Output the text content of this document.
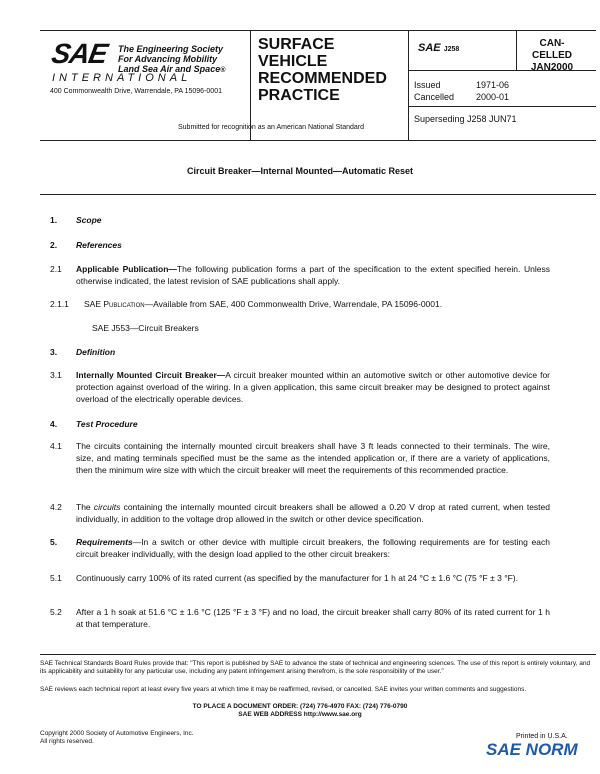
SAE The Engineering Society
For Advancing Mobility
Land Sea Air and Space®
INTERNATIONAL
400 Commonwealth Drive, Warrendale, PA 15096-0001
SURFACE
VEHICLE
RECOMMENDED
PRACTICE
SAE J258
CAN-
CELLED
JAN2000
Issued	1971-06
Cancelled 2000-01
Superseding J258 JUN71
Submitted for recognition as an American National Standard
Circuit Breaker—Internal Mounted—Automatic Reset
1. Scope
2. References
2.1 Applicable Publication—The following publication forms a part of the specification to the extent specified herein. Unless otherwise indicated, the latest revision of SAE publications shall apply.
2.1.1 SAE Publication—Available from SAE, 400 Commonwealth Drive, Warrendale, PA 15096-0001.
SAE J553—Circuit Breakers
3. Definition
3.1 Internally Mounted Circuit Breaker—A circuit breaker mounted within an automotive switch or other automotive device for protection against overload of the wiring. In a given application, this same circuit breaker may be designed to protect against overload of the electrically operable devices.
4. Test Procedure
4.1 The circuits containing the internally mounted circuit breakers shall have 3 ft leads connected to their terminals. The wire, size, and mating terminals specified must be the same as the intended application or, if there are a variety of applications, then the minimum wire size with which the circuit breaker will meet the requirements of this recommended practice.
4.2 The circuits containing the internally mounted circuit breakers shall be allowed a 0.20 V drop at rated current, when tested individually, in addition to the voltage drop allowed in the switch or other device specification.
5. Requirements—In a switch or other device with multiple circuit breakers, the following requirements are for testing each circuit breaker individually, with the design load applied to the other circuit breakers:
5.1 Continuously carry 100% of its rated current (as specified by the manufacturer for 1 h at 24 °C ± 1.6 °C (75 °F ± 3 °F).
5.2 After a 1 h soak at 51.6 °C ± 1.6 °C (125 °F ± 3 °F) and no load, the circuit breaker shall carry 80% of its rated current for 1 h at that temperature.
SAE Technical Standards Board Rules provide that: "This report is published by SAE to advance the state of technical and engineering sciences. The use of this report is entirely voluntary, and its applicability and suitability for any particular use, including any patent infringement arising therefrom, is the sole responsibility of the user."
SAE reviews each technical report at least every five years at which time it may be reaffirmed, revised, or cancelled. SAE invites your written comments and suggestions.
TO PLACE A DOCUMENT ORDER: (724) 776-4970 FAX: (724) 776-0790
SAE WEB ADDRESS http://www.sae.org
Copyright 2000 Society of Automotive Engineers, Inc.
All rights reserved.
Printed in U.S.A.
SAE NORM
